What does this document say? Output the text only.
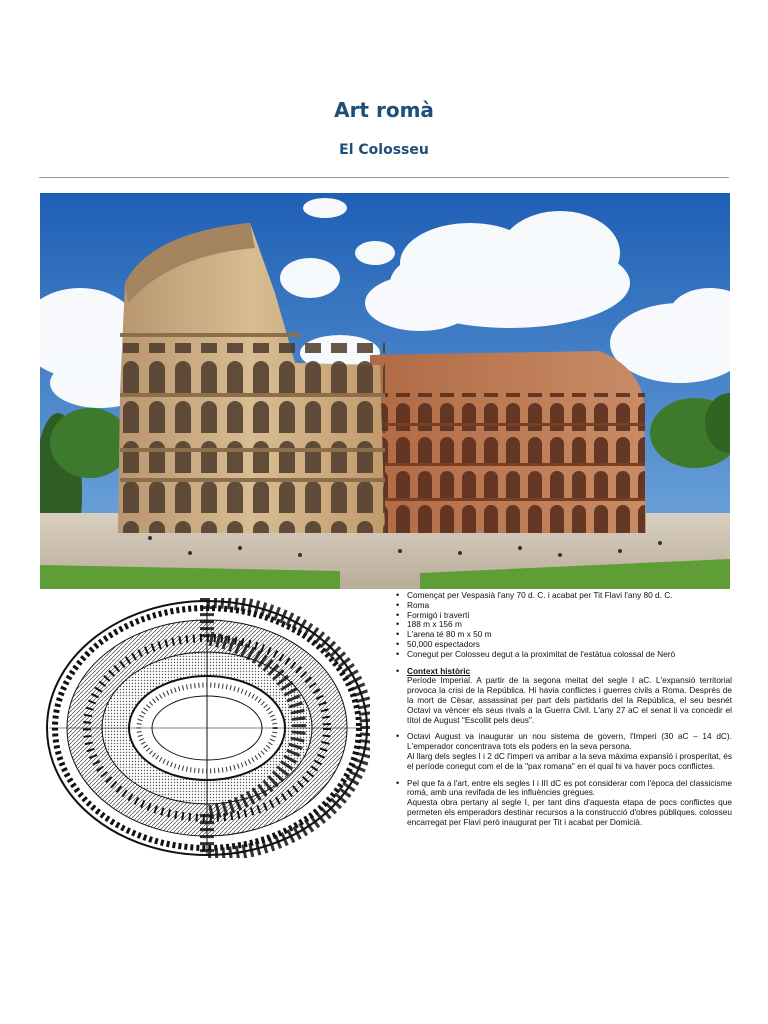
Art romà
El Colosseu
• Començat per Vespasià l'any 70 d. C. i acabat per Tit Flavi l'any 80 d. C.
• Roma
• Formigó i travertí
• 188 m x 156 m
• L'arena té 80 m x 50 m
• 50,000 espectadors
• Conegut per Colosseu degut a la proximitat de l'estàtua colossal de Neró

• Context històric

Període Imperial. A partir de la segona meitat del segle I aC. L'expansió territorial provoca la crisi de la República. Hi havia conflictes i guerres civils a Roma. Després de la mort de Cèsar, assassinat per part dels partidaris del la República, el seu besnét Octavi va vèncer els seus rivals a la Guerra Civil. L'any 27 aC el senat li va concedir el títol de August "Escollit pels deus".

• Octavi August va inaugurar un nou sistema de govern, l'Imperi (30 aC – 14 dC). L'emperador concentrava tots els poders en la seva persona.

Al llarg dels segles I i 2 dC l'imperi va arribar a la seva màxima expansió i prosperitat, és el període conegut com el de la "pax romana" en el qual hi va haver pocs conflictes.

• Pel que fa a l'art, entre els segles I i III dC es pot considerar com l'època del classicisme romà, amb una revifada de les influències gregues.

Aquesta obra pertany al segle I, per tant dins d'aquesta etapa de pocs conflictes que permeten els emperadors destinar recursos a la construcció d'obres públiques. colosseu encarregat per Flavi però inaugurat per Tit i acabat per Domicià.
